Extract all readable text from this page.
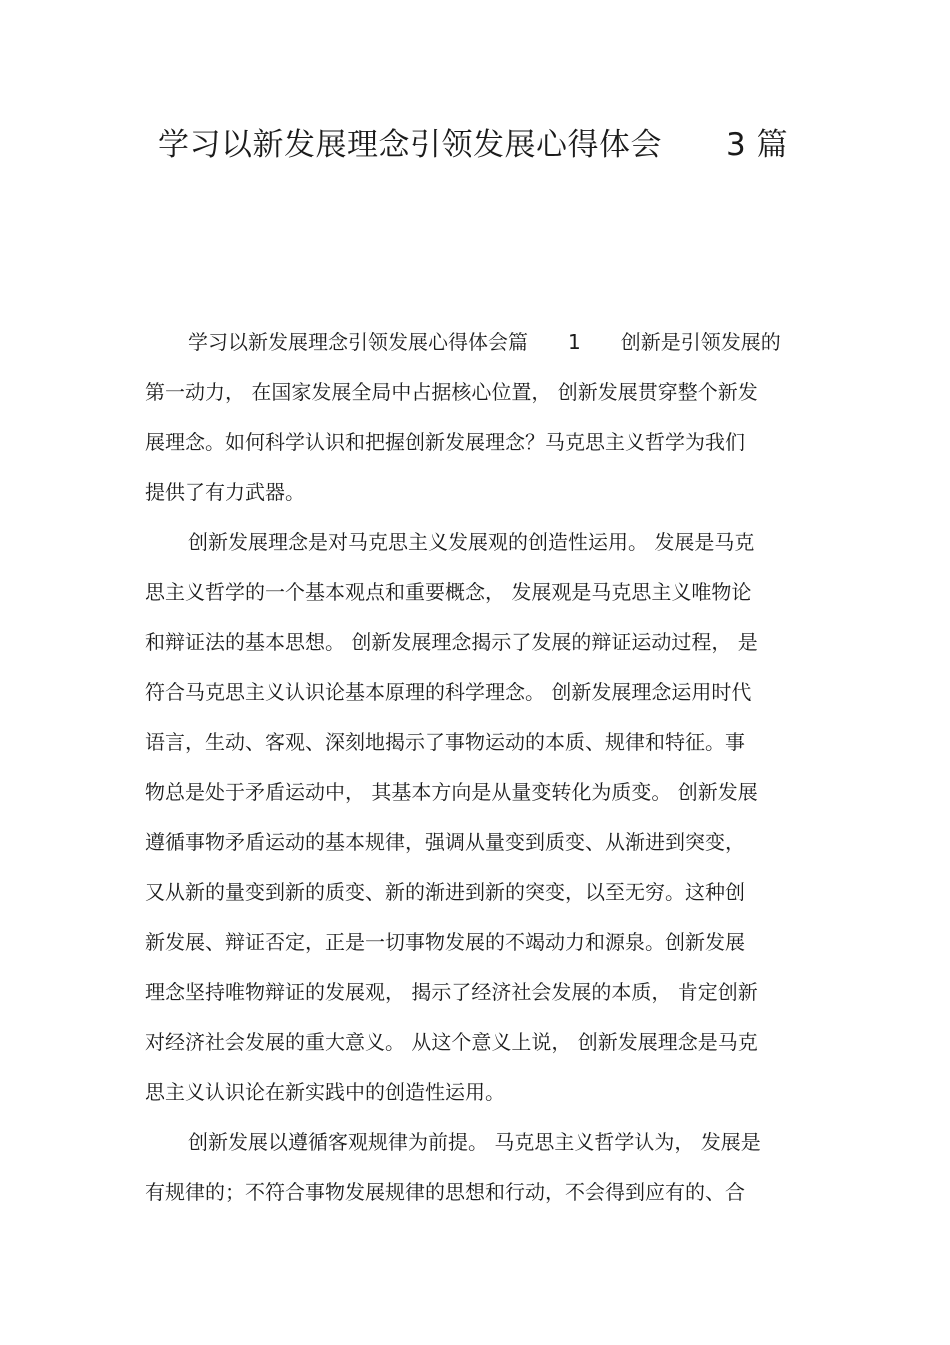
学习以新发展理念引领发展心得体会 3 篇
学习以新发展理念引领发展心得体会篇　　1　　创新是引领发展的
第一动力， 在国家发展全局中占据核心位置， 创新发展贯穿整个新发
展理念。如何科学认识和把握创新发展理念？马克思主义哲学为我们
提供了有力武器。
创新发展理念是对马克思主义发展观的创造性运用。 发展是马克
思主义哲学的一个基本观点和重要概念， 发展观是马克思主义唯物论
和辩证法的基本思想。 创新发展理念揭示了发展的辩证运动过程， 是
符合马克思主义认识论基本原理的科学理念。 创新发展理念运用时代
语言，生动、客观、深刻地揭示了事物运动的本质、规律和特征。事
物总是处于矛盾运动中， 其基本方向是从量变转化为质变。 创新发展
遵循事物矛盾运动的基本规律，强调从量变到质变、从渐进到突变，
又从新的量变到新的质变、新的渐进到新的突变，以至无穷。这种创
新发展、辩证否定，正是一切事物发展的不竭动力和源泉。创新发展
理念坚持唯物辩证的发展观， 揭示了经济社会发展的本质， 肯定创新
对经济社会发展的重大意义。 从这个意义上说， 创新发展理念是马克
思主义认识论在新实践中的创造性运用。
创新发展以遵循客观规律为前提。 马克思主义哲学认为， 发展是
有规律的；不符合事物发展规律的思想和行动，不会得到应有的、合
